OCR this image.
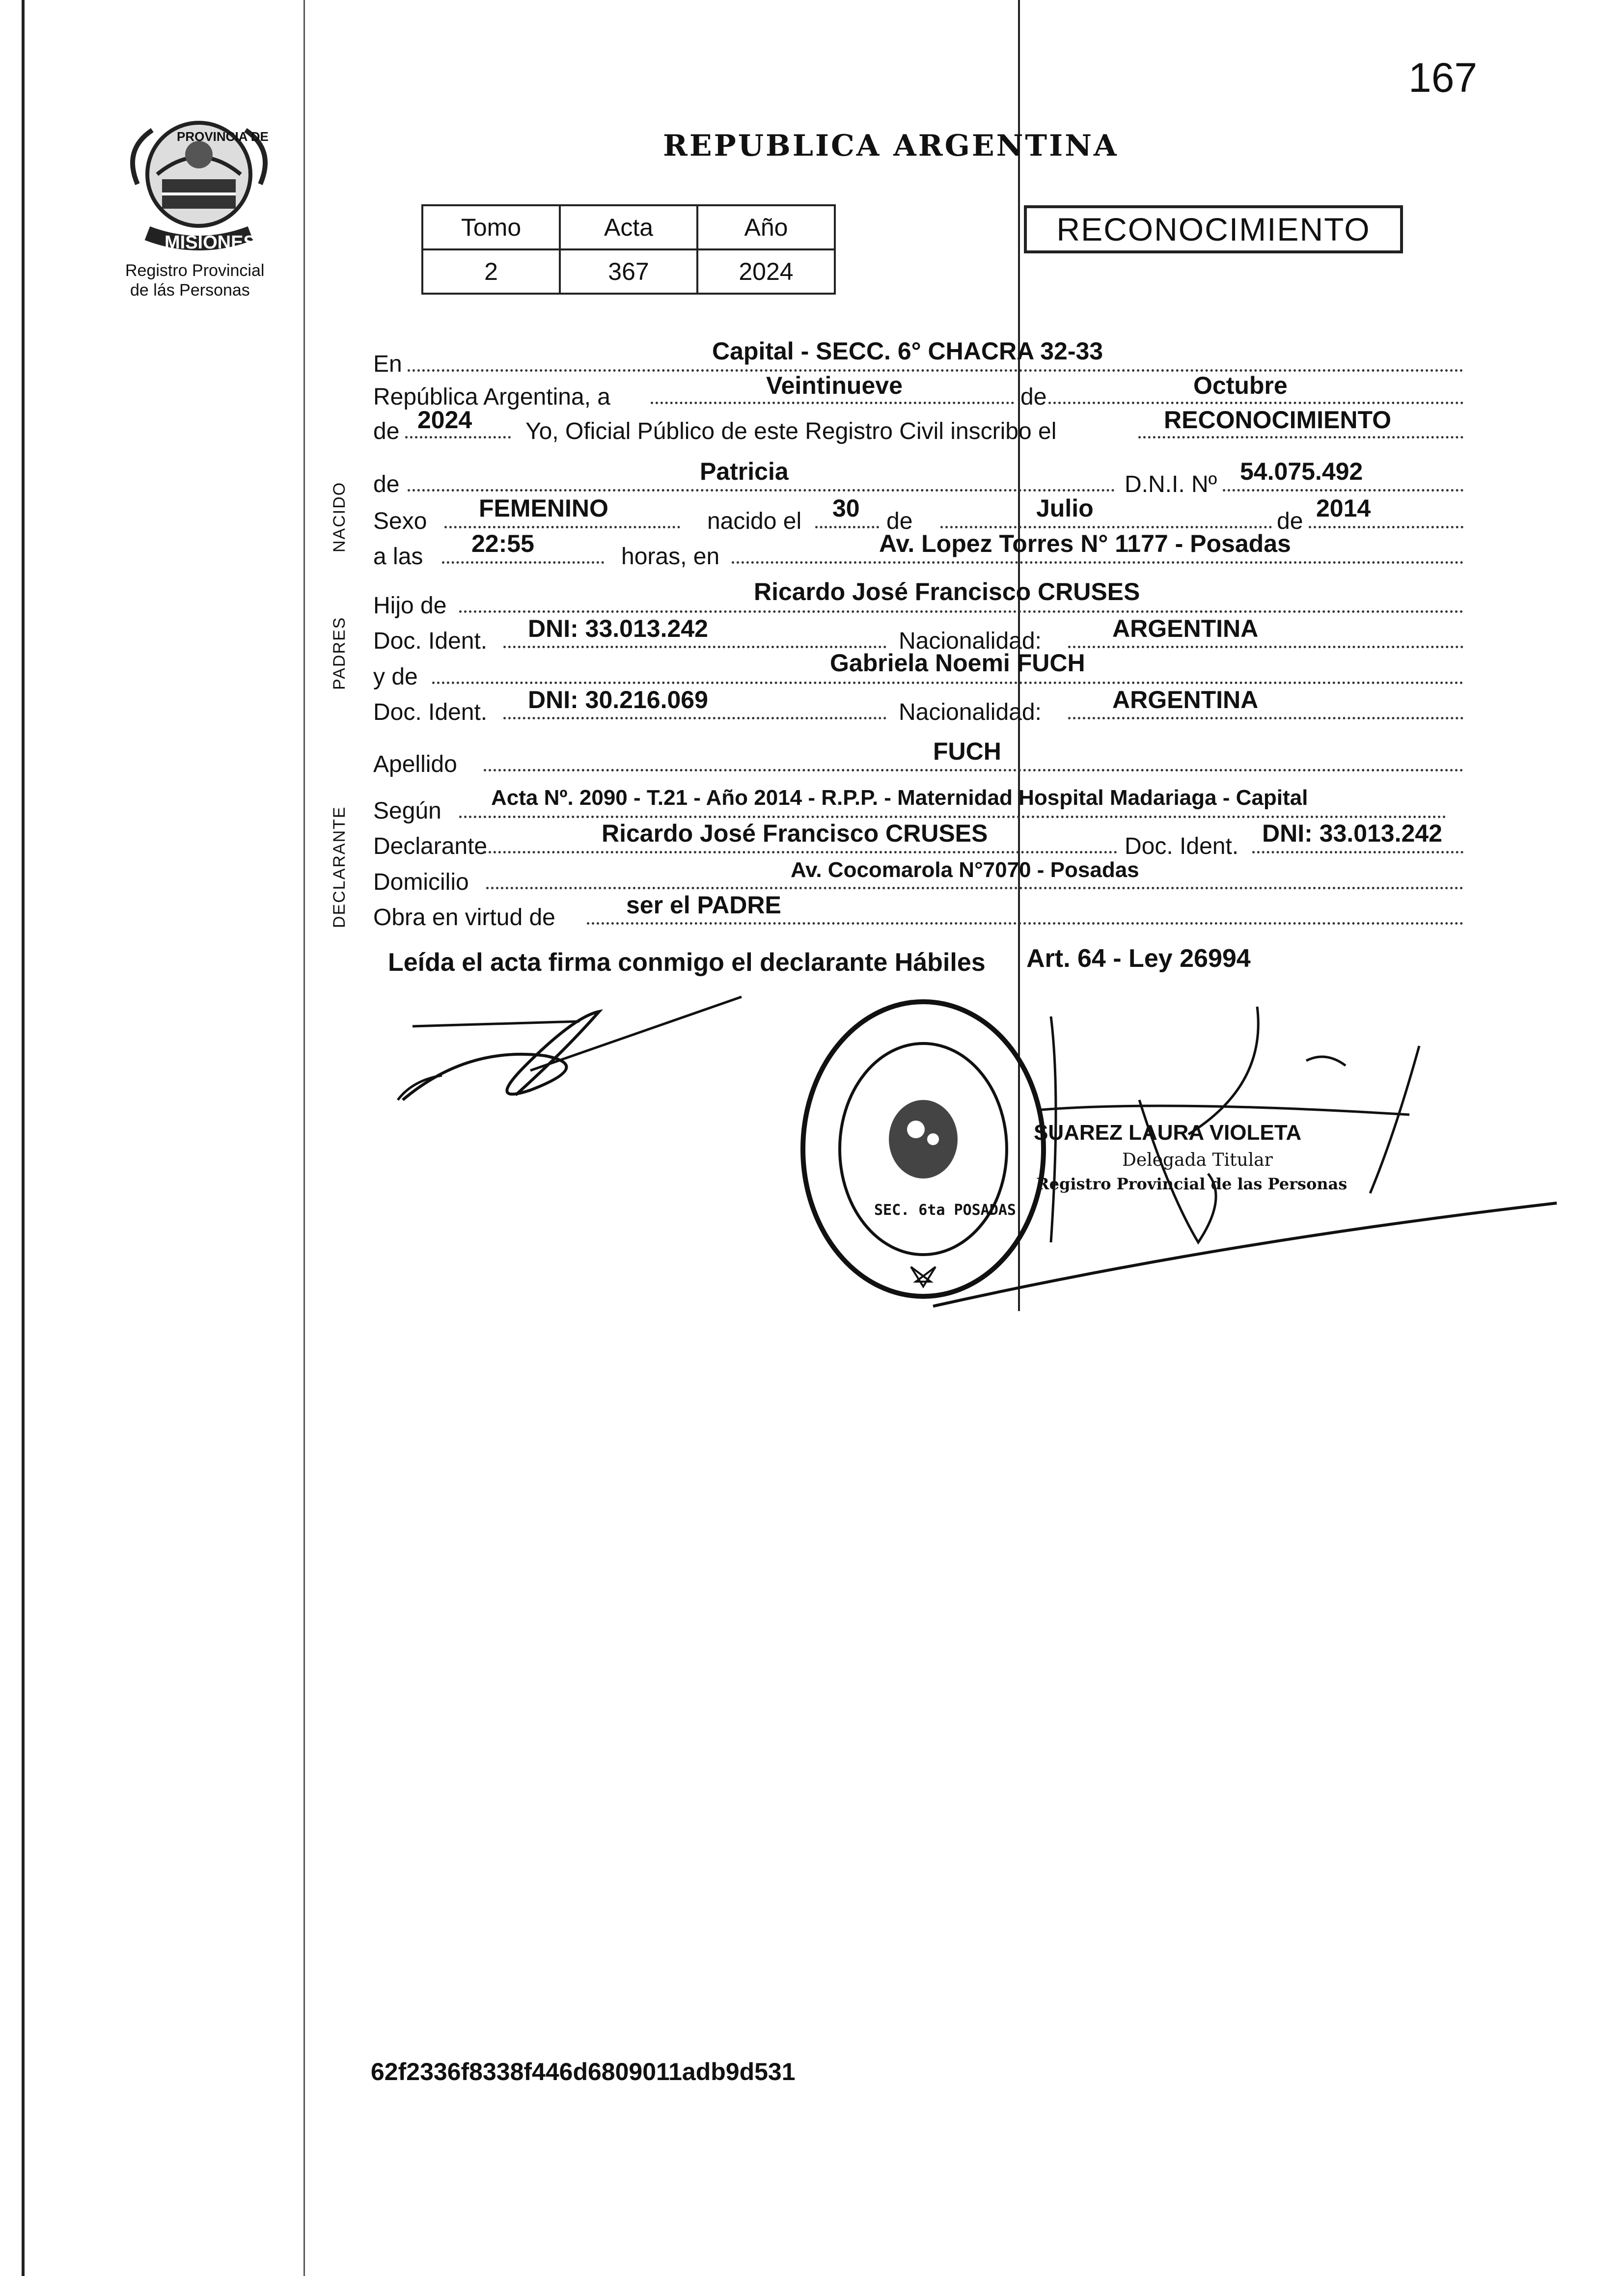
167
PROVINCIA DE
MISIONES
Registro Provincial
de lás Personas
REPUBLICA ARGENTINA
Tomo	Acta	Año
2	367	2024
RECONOCIMIENTO
NACIDO
PADRES
DECLARANTE
En	Capital - SECC. 6° CHACRA 32-33
República Argentina, a	Veintinueve	de	Octubre
de 2024 Yo, Oficial Público de este Registro Civil inscribo el	RECONOCIMIENTO
de	Patricia	D.N.I. Nº 54.075.492
Sexo FEMENINO	nacido el 30 de	Julio	de 2014
a las 22:55	horas, en	Av. Lopez Torres N° 1177 - Posadas
Hijo de
Ricardo José Francisco CRUSES
Doc. Ident. DNI: 33.013.242	Nacionalidad:	ARGENTINA
y de
Gabriela Noemi FUCH
Doc. Ident. DNI: 30.216.069	Nacionalidad:	ARGENTINA
Apellido	FUCH
Según
Acta Nº. 2090 - T.21 - Año 2014 - R.P.P. - Maternidad Hospital Madariaga - Capital
Declarante	Ricardo José Francisco CRUSES	Doc. Ident. DNI: 33.013.242
Domicilio	Av. Cocomarola N°7070 - Posadas
Obra en virtud de	ser el PADRE
Leída el acta firma conmigo el declarante Hábiles Art. 64 - Ley 26994
SEC. 6ta POSADAS
SUAREZ LAURA VIOLETA
Delegada Titular
Registro Provincial de las Personas
62f2336f8338f446d6809011adb9d531
